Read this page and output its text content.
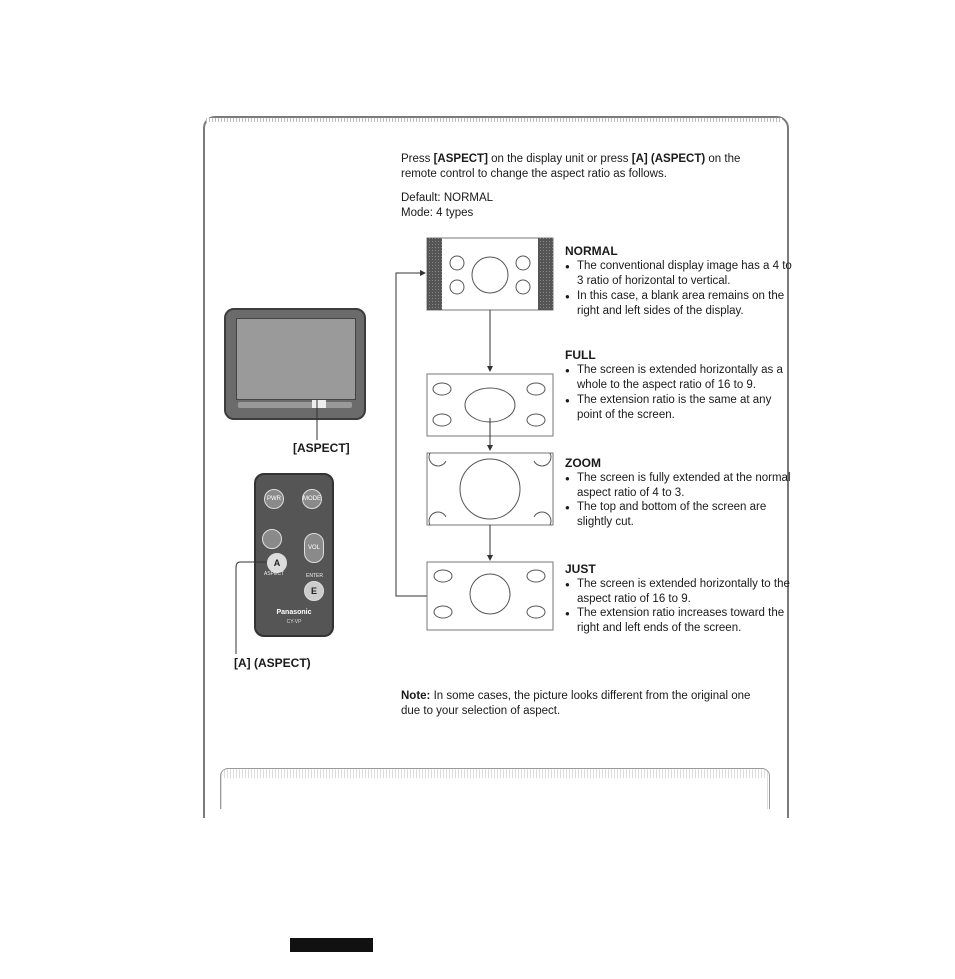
Press [ASPECT] on the display unit or press [A] (ASPECT) on the remote control to change the aspect ratio as follows.
Default: NORMAL
Mode: 4 types
NORMAL
● The conventional display image has a 4 to 3 ratio of horizontal to vertical.
● In this case, a blank area remains on the right and left sides of the display.
FULL
● The screen is extended horizontally as a whole to the aspect ratio of 16 to 9.
● The extension ratio is the same at any point of the screen.
ZOOM
● The screen is fully extended at the normal aspect ratio of 4 to 3.
● The top and bottom of the screen are slightly cut.
JUST
● The screen is extended horizontally to the aspect ratio of 16 to 9.
● The extension ratio increases toward the right and left ends of the screen.
[ASPECT]
PWR	MODE
A
ASPECT
VOL
ENTER
E
Panasonic
CY-VP
[A] (ASPECT)
Note: In some cases, the picture looks different from the original one due to your selection of aspect.
